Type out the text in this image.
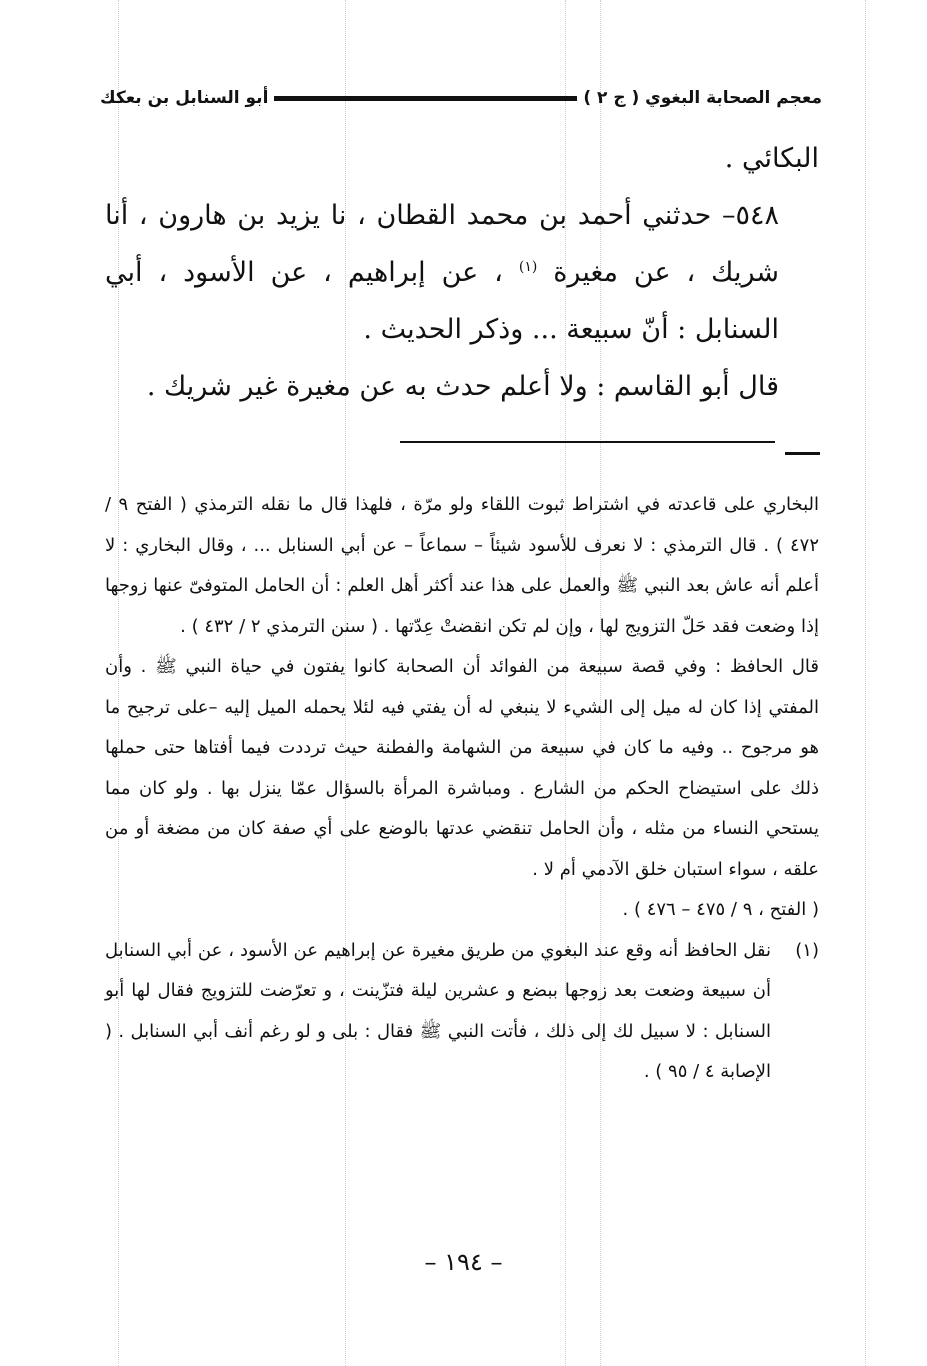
معجم الصحابة البغوي ( ج ٢ )
أبو السنابل بن بعكك

البكائي .

٥٤٨– حدثني أحمد بن محمد القطان ، نا يزيد بن هارون ، أنا شريك ، عن مغيرة $^{(١)}$ ، عن إبراهيم ، عن الأسود ، أبي السنابل : أنّ سبيعة ... وذكر الحديث .

قال أبو القاسم : ولا أعلم حدث به عن مغيرة غير شريك .

البخاري على قاعدته في اشتراط ثبوت اللقاء ولو مرّة ، فلهذا قال ما نقله الترمذي ( الفتح ٩ / ٤٧٢ ) . قال الترمذي : لا نعرف للأسود شيئاً – سماعاً – عن أبي السنابل ... ، وقال البخاري : لا أعلم أنه عاش بعد النبي ﷺ والعمل على هذا عند أكثر أهل العلم : أن الحامل المتوفىّ عنها زوجها إذا وضعت فقد حَلّ التزويج لها ، وإن لم تكن انقضتْ عِدّتها . ( سنن الترمذي ٢ / ٤٣٢ ) .

قال الحافظ : وفي قصة سبيعة من الفوائد أن الصحابة كانوا يفتون في حياة النبي ﷺ . وأن المفتي إذا كان له ميل إلى الشيء لا ينبغي له أن يفتي فيه لئلا يحمله الميل إليه –على ترجيح ما هو مرجوح .. وفيه ما كان في سبيعة من الشهامة والفطنة حيث ترددت فيما أفتاها حتى حملها ذلك على استيضاح الحكم من الشارع . ومباشرة المرأة بالسؤال عمّا ينزل بها . ولو كان مما يستحي النساء من مثله ، وأن الحامل تنقضي عدتها بالوضع على أي صفة كان من مضغة أو من علقه ، سواء استبان خلق الآدمي أم لا .

( الفتح ، ٩ / ٤٧٥ – ٤٧٦ ) .

(١)
نقل الحافظ أنه وقع عند البغوي من طريق مغيرة عن إبراهيم عن الأسود ، عن أبي السنابل أن سبيعة وضعت بعد زوجها ببضع و عشرين ليلة فتزّينت ، و تعرّضت للتزويج فقال لها أبو السنابل : لا سبيل لك إلى ذلك ، فأتت النبي ﷺ فقال : بلى و لو رغم أنف أبي السنابل . ( الإصابة ٤ / ٩٥ ) .
– ١٩٤ –
